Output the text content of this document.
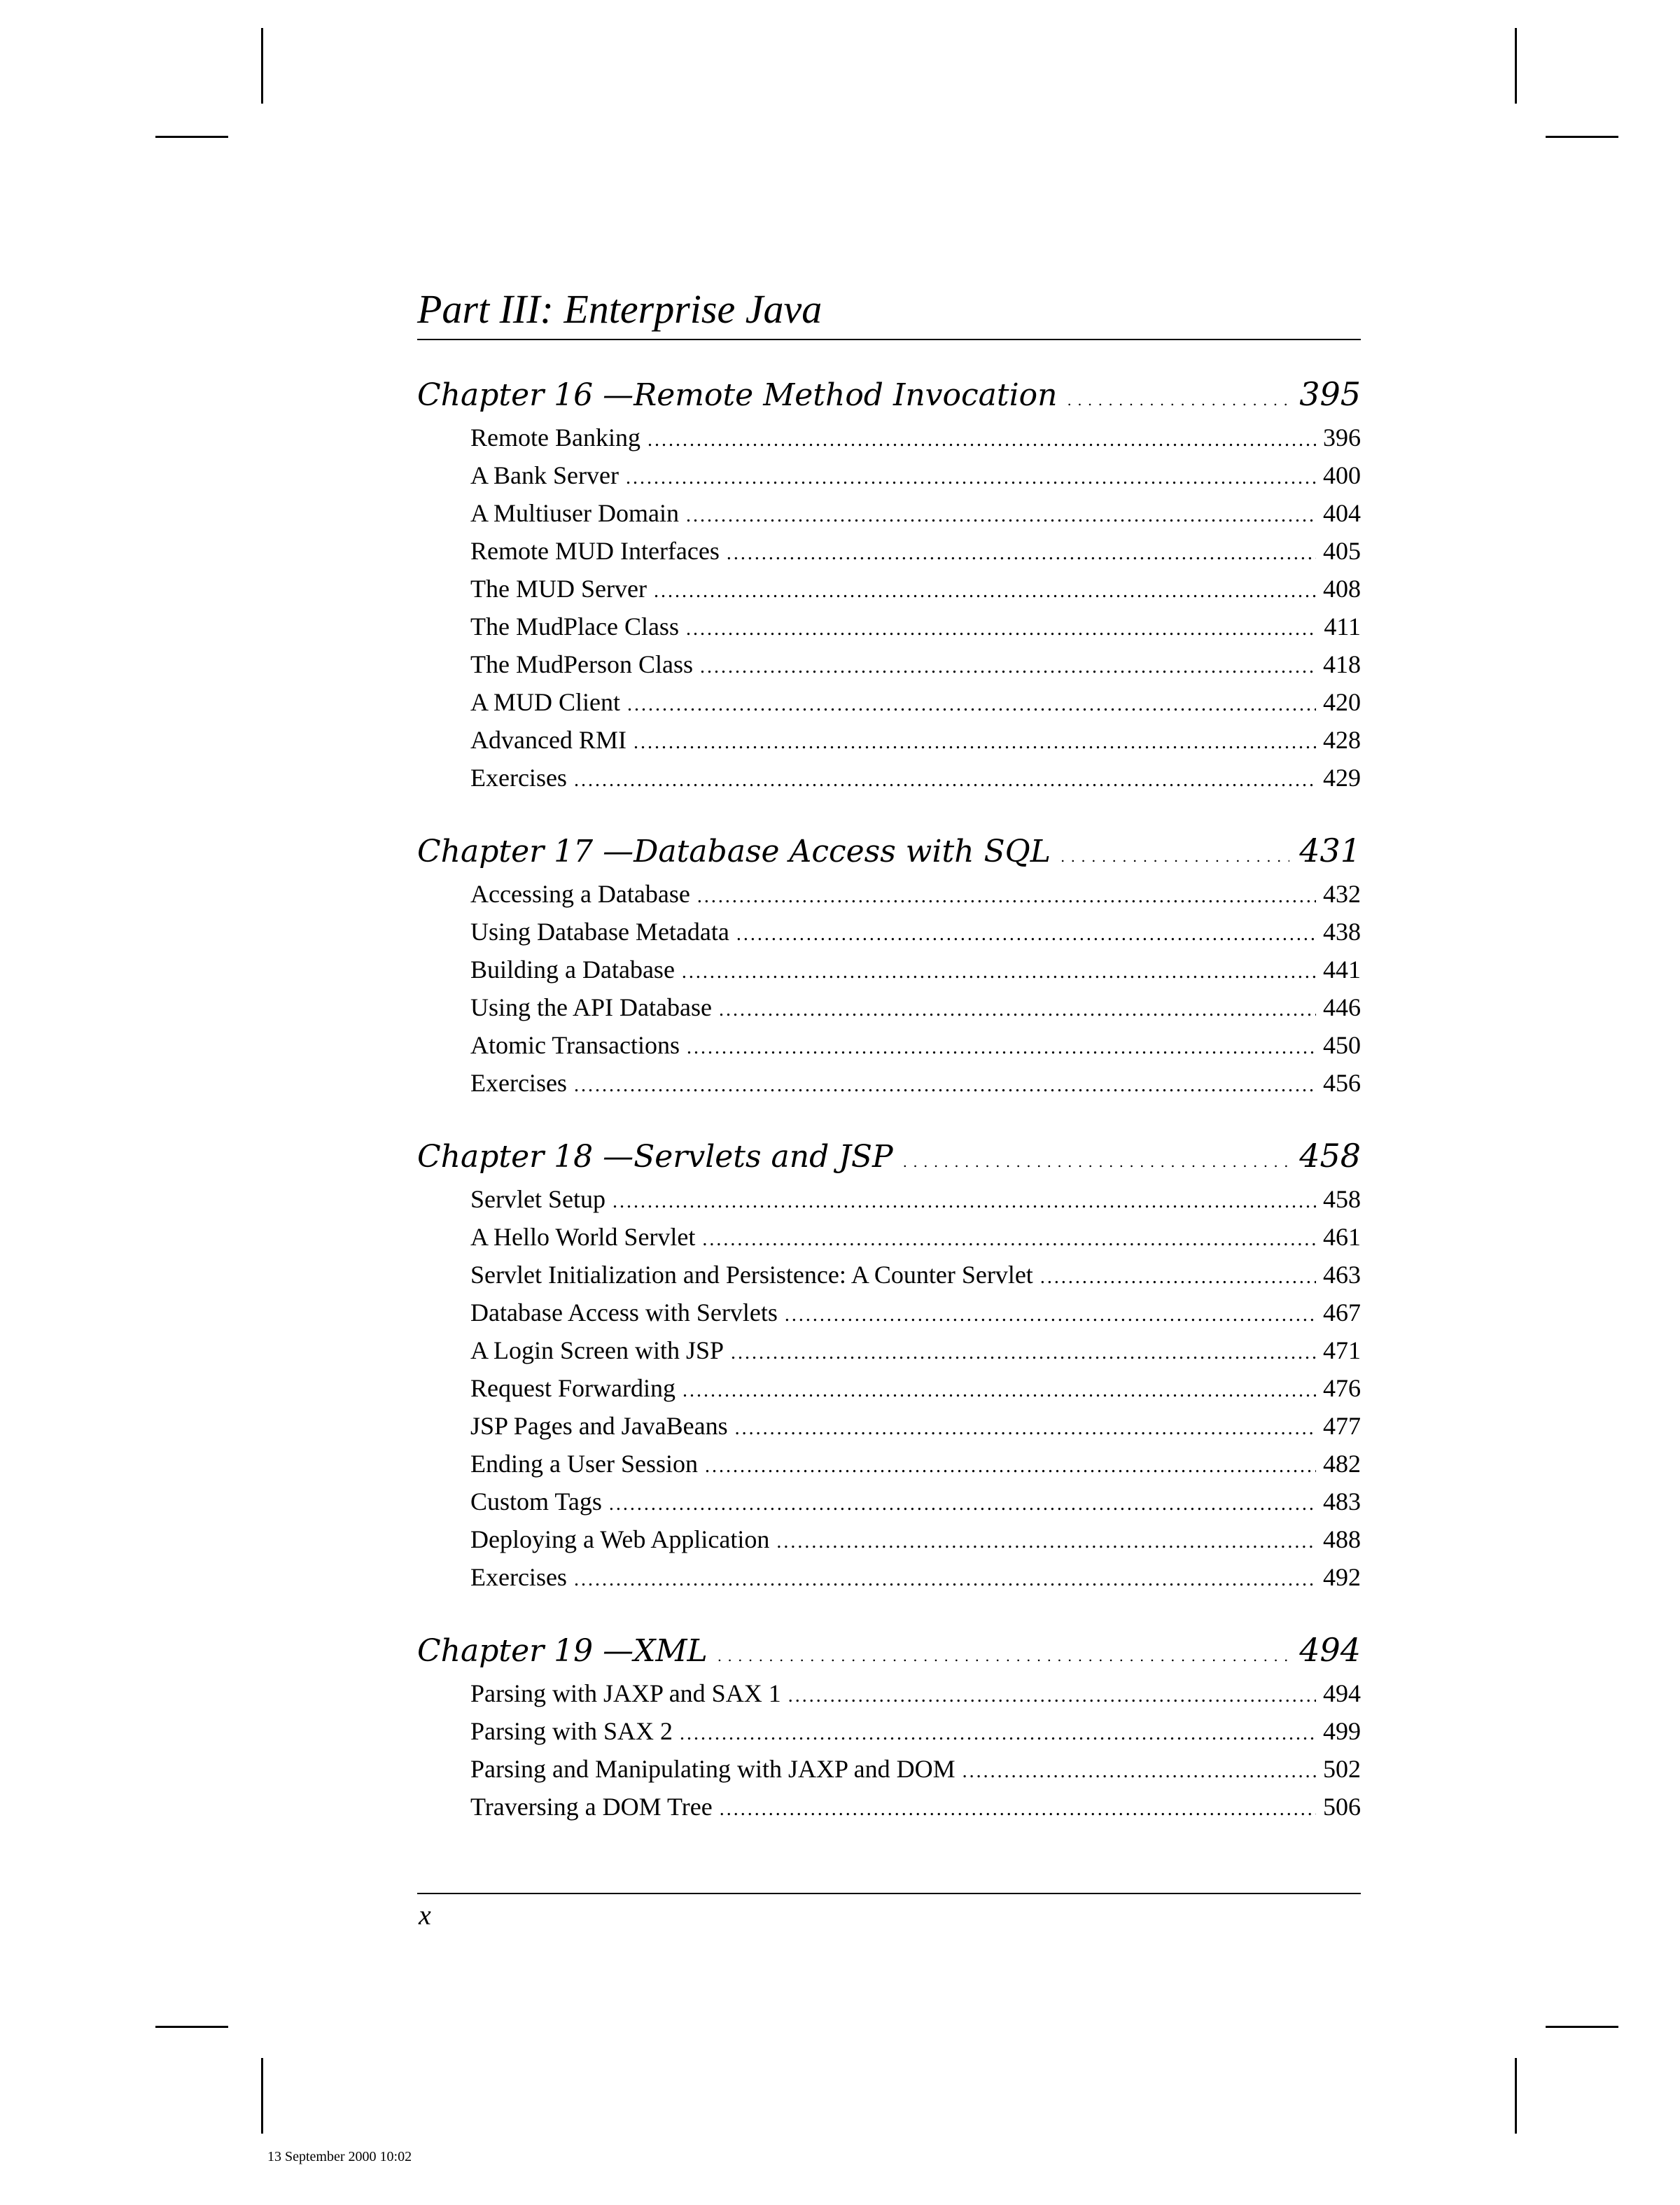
Part III: Enterprise Java
Chapter 16 —Remote Method Invocation . . .	395
Remote Banking . . .	396
A Bank Server . . .	400
A Multiuser Domain . . .	404
Remote MUD Interfaces . . .	405
The MUD Server . . .	408
The MudPlace Class . . .	411
The MudPerson Class . . .	418
A MUD Client . . .	420
Advanced RMI . . .	428
Exercises . . .	429
Chapter 17 —Database Access with SQL . . .	431
Accessing a Database . . .	432
Using Database Metadata . . .	438
Building a Database . . .	441
Using the API Database . . .	446
Atomic Transactions . . .	450
Exercises . . .	456
Chapter 18 —Servlets and JSP . . .	458
Servlet Setup . . .	458
A Hello World Servlet . . .	461
Servlet Initialization and Persistence: A Counter Servlet . . .	463
Database Access with Servlets . . .	467
A Login Screen with JSP . . .	471
Request Forwarding . . .	476
JSP Pages and JavaBeans . . .	477
Ending a User Session . . .	482
Custom Tags . . .	483
Deploying a Web Application . . .	488
Exercises . . .	492
Chapter 19 —XML . . .	494
Parsing with JAXP and SAX 1 . . .	494
Parsing with SAX 2 . . .	499
Parsing and Manipulating with JAXP and DOM . . .	502
Traversing a DOM Tree . . .	506
x
13 September 2000 10:02
